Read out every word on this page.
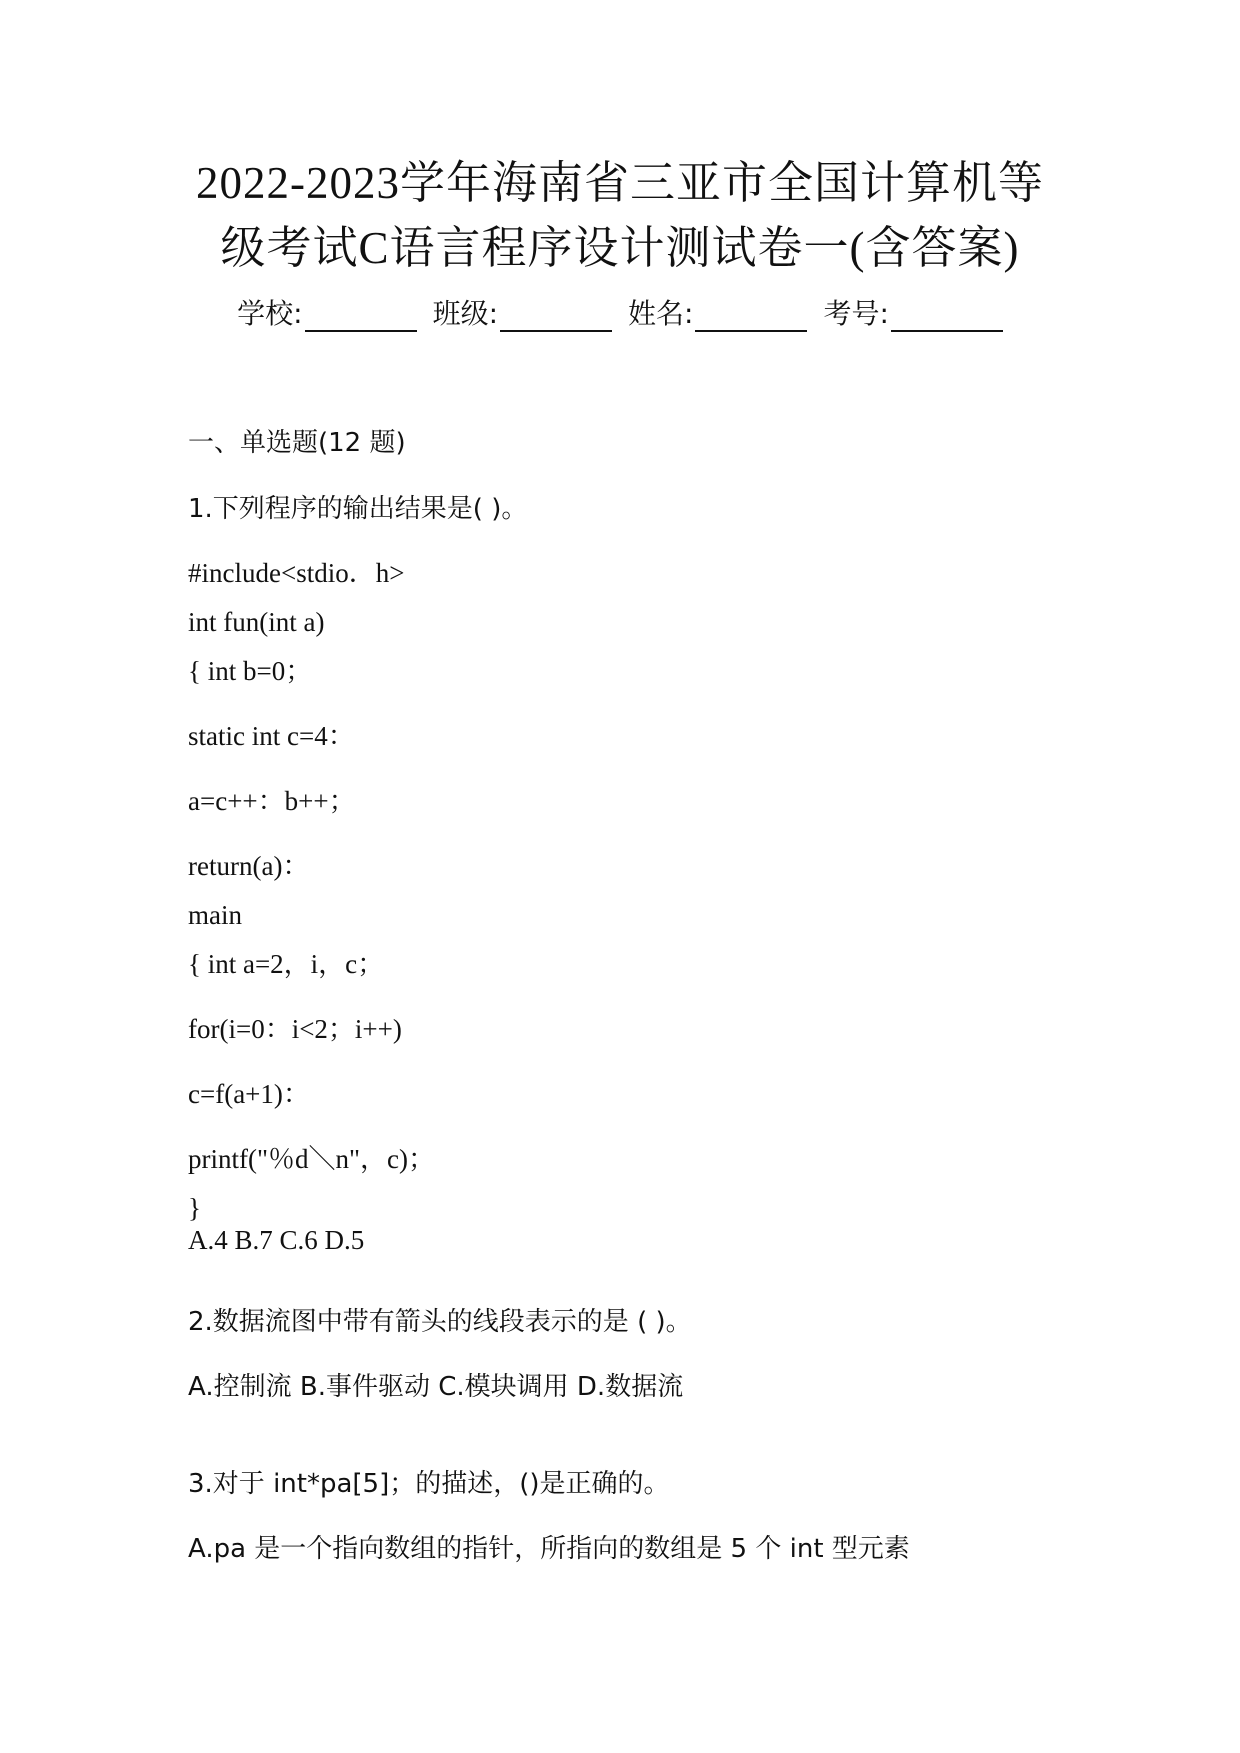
2022-2023学年海南省三亚市全国计算机等
级考试C语言程序设计测试卷一(含答案)
学校:	班级:	姓名:	考号:
一、单选题(12 题)
1.下列程序的输出结果是( )。
#include<stdio．h>
int fun(int a)
{ int b=0；
static int c=4：
a=c++：b++；
return(a)：
main
{ int a=2，i，c；
for(i=0：i<2；i++)
c=f(a+1)：
printf("％d＼n"，c)；
}
A.4 B.7 C.6 D.5
2.数据流图中带有箭头的线段表示的是 ( )。
A.控制流 B.事件驱动 C.模块调用 D.数据流
3.对于 int*pa[5]；的描述，()是正确的。
A.pa 是一个指向数组的指针，所指向的数组是 5 个 int 型元素
